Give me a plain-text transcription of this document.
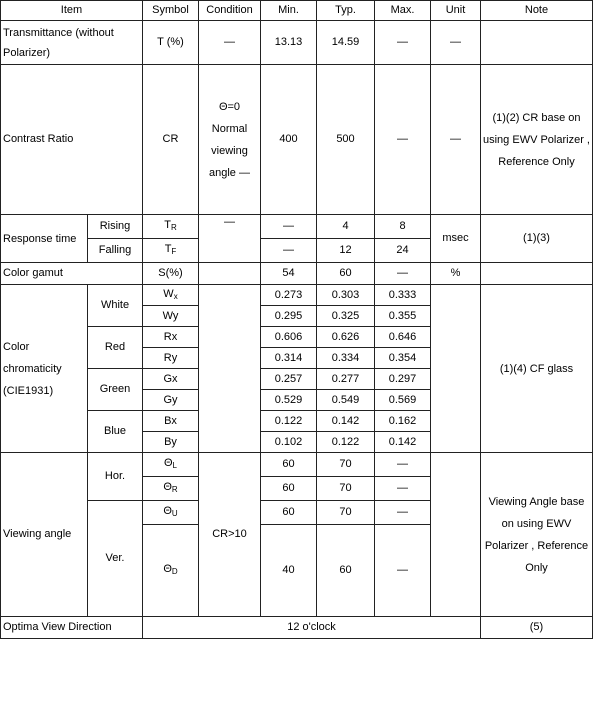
Item		Symbol	Condition	Min.	Typ.	Max.	Unit	Note
Transmittance (without Polarizer)		T (%)	—	13.13	14.59	—	—	
Contrast Ratio		CR	Θ=0 Normal viewing angle —	400	500	—	—	(1)(2) CR base on using EWV Polarizer , Reference Only
Response time	Rising	$T_R$	—	—	4	8	msec	(1)(3)
	Falling	$T_F$		—	12	24		
Color gamut		S(%)		54	60	—	%	
Color chromaticity (CIE1931)	White	$W_x$		0.273	0.303	0.333		(1)(4) CF glass
		Wy		0.295	0.325	0.355		
	Red	Rx		0.606	0.626	0.646		
		Ry		0.314	0.334	0.354		
	Green	Gx		0.257	0.277	0.297		
		Gy		0.529	0.549	0.569		
	Blue	Bx		0.122	0.142	0.162		
		By		0.102	0.122	0.142		
Viewing angle	Hor.	$\Theta_L$	CR>10	60	70	—		Viewing Angle base on using EWV Polarizer , Reference Only
		$\Theta_R$		60	70	—		
	Ver.	$\Theta_U$		60	70	—		
		$\Theta_D$		40	60	—		
Optima View Direction		12 o'clock						(5)
